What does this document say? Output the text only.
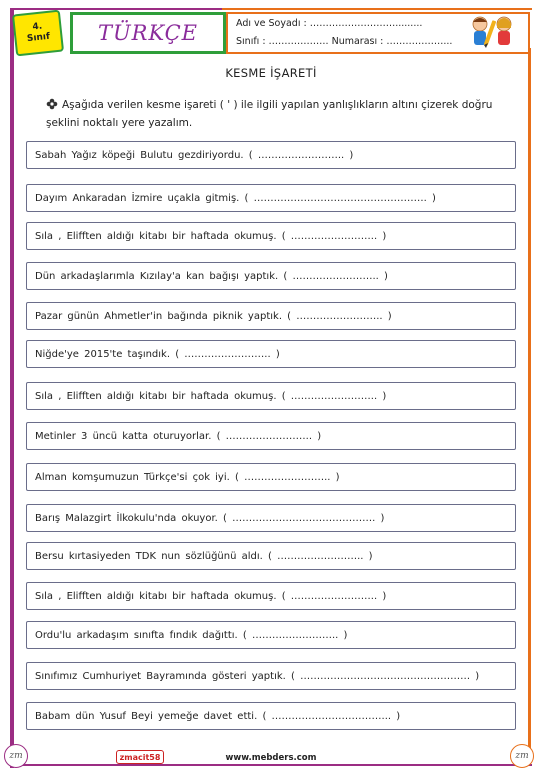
4.
Sınıf TÜRKÇE	Adı ve Soyadı : ……………………….........
Sınıfı : ………………. Numarası : ………………...
KESME İŞARETİ
Aşağıda verilen kesme işareti ( ' ) ile ilgili yapılan yanlışlıkların altını çizerek doğru şeklini noktalı yere yazalım.
Sabah Yağız köpeği Bulutu gezdiriyordu. ( …………………….. )
Dayım Ankaradan İzmire uçakla gitmiş. ( ……………………………………………. )
Sıla , Elifften aldığı kitabı bir haftada okumuş. ( …………………….. )
Dün arkadaşlarımla Kızılay'a kan bağışı yaptık. ( …………………….. )
Pazar günün Ahmetler'in bağında piknik yaptık. ( …………………….. )
Niğde'ye 2015'te taşındık. ( …………………….. )
Sıla , Elifften aldığı kitabı bir haftada okumuş. ( …………………….. )
Metinler 3 üncü katta oturuyorlar. ( …………………….. )
Alman komşumuzun Türkçe'si çok iyi. ( …………………….. )
Barış Malazgirt İlkokulu'nda okuyor. ( ……………………………………. )
Bersu kırtasiyeden TDK nun sözlüğünü aldı. ( …………………….. )
Sıla , Elifften aldığı kitabı bir haftada okumuş. ( …………………….. )
Ordu'lu arkadaşım sınıfta fındık dağıttı. ( …………………….. )
Sınıfımız Cumhuriyet Bayramında gösteri yaptık. ( …………………………………………… )
Babam dün Yusuf Beyi yemeğe davet etti. ( ……………………………... )
zm	zmacit58	www.mebders.com	zm
